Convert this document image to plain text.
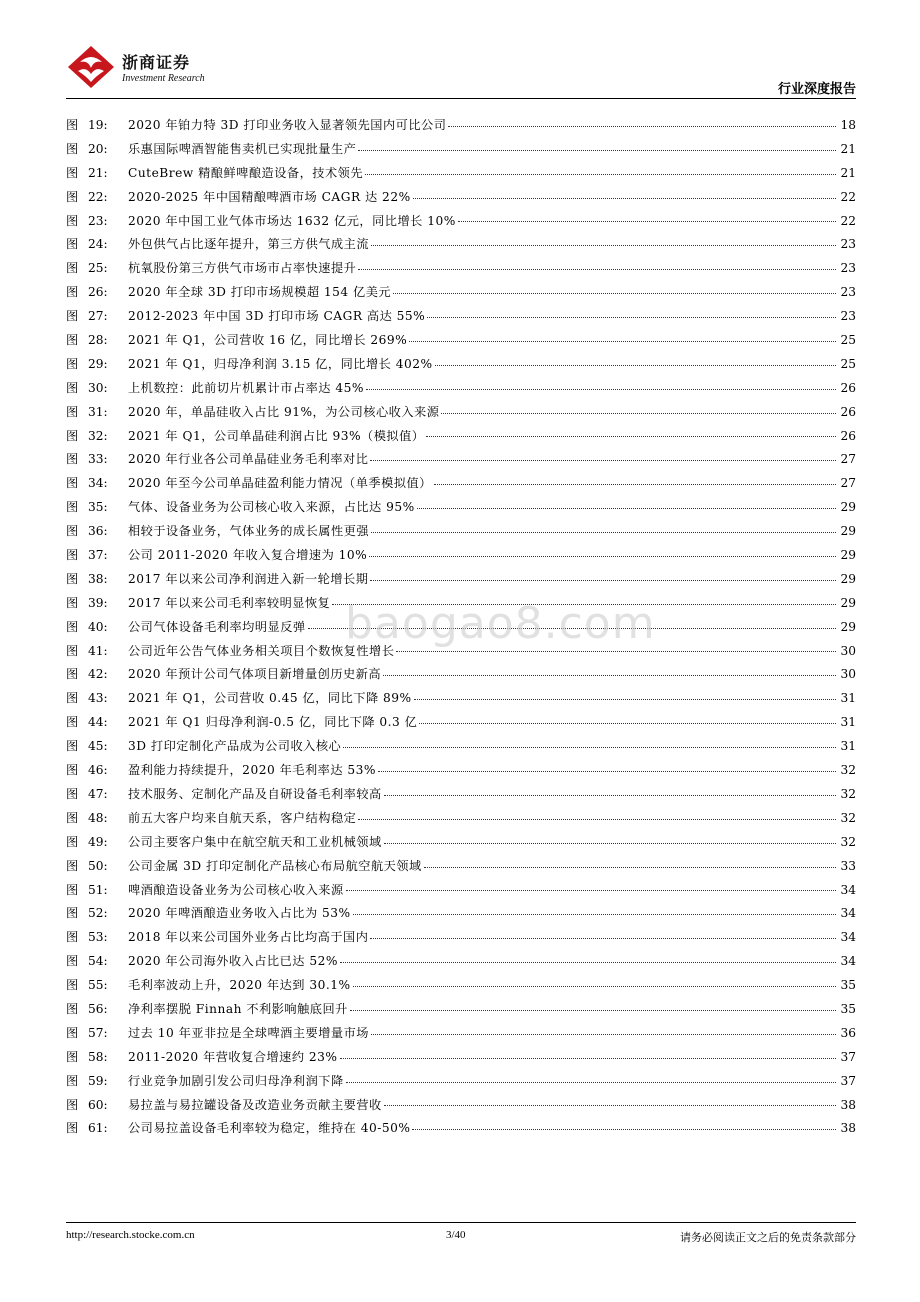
浙商证券
Investment Research
行业深度报告
图 19:	2020 年铂力特 3D 打印业务收入显著领先国内可比公司	18
图 20:	乐惠国际啤酒智能售卖机已实现批量生产	21
图 21:	CuteBrew 精酿鲜啤酿造设备，技术领先	21
图 22:	2020-2025 年中国精酿啤酒市场 CAGR 达 22%	22
图 23:	2020 年中国工业气体市场达 1632 亿元，同比增长 10%	22
图 24:	外包供气占比逐年提升，第三方供气成主流	23
图 25:	杭氧股份第三方供气市场市占率快速提升	23
图 26:	2020 年全球 3D 打印市场规模超 154 亿美元	23
图 27:	2012-2023 年中国 3D 打印市场 CAGR 高达 55%	23
图 28:	2021 年 Q1，公司营收 16 亿，同比增长 269%	25
图 29:	2021 年 Q1，归母净利润 3.15 亿，同比增长 402%	25
图 30:	上机数控：此前切片机累计市占率达 45%	26
图 31:	2020 年，单晶硅收入占比 91%，为公司核心收入来源	26
图 32:	2021 年 Q1，公司单晶硅利润占比 93%（模拟值）	26
图 33:	2020 年行业各公司单晶硅业务毛利率对比	27
图 34:	2020 年至今公司单晶硅盈利能力情况（单季模拟值）	27
图 35:	气体、设备业务为公司核心收入来源，占比达 95%	29
图 36:	相较于设备业务，气体业务的成长属性更强	29
图 37:	公司 2011-2020 年收入复合增速为 10%	29
图 38:	2017 年以来公司净利润进入新一轮增长期	29
图 39:	2017 年以来公司毛利率较明显恢复	29
图 40:	公司气体设备毛利率均明显反弹	29
图 41:	公司近年公告气体业务相关项目个数恢复性增长	30
图 42:	2020 年预计公司气体项目新增量创历史新高	30
图 43:	2021 年 Q1，公司营收 0.45 亿，同比下降 89%	31
图 44:	2021 年 Q1 归母净利润-0.5 亿，同比下降 0.3 亿	31
图 45:	3D 打印定制化产品成为公司收入核心	31
图 46:	盈利能力持续提升，2020 年毛利率达 53%	32
图 47:	技术服务、定制化产品及自研设备毛利率较高	32
图 48:	前五大客户均来自航天系，客户结构稳定	32
图 49:	公司主要客户集中在航空航天和工业机械领域	32
图 50:	公司金属 3D 打印定制化产品核心布局航空航天领域	33
图 51:	啤酒酿造设备业务为公司核心收入来源	34
图 52:	2020 年啤酒酿造业务收入占比为 53%	34
图 53:	2018 年以来公司国外业务占比均高于国内	34
图 54:	2020 年公司海外收入占比已达 52%	34
图 55:	毛利率波动上升，2020 年达到 30.1%	35
图 56:	净利率摆脱 Finnah 不利影响触底回升	35
图 57:	过去 10 年亚非拉是全球啤酒主要增量市场	36
图 58:	2011-2020 年营收复合增速约 23%	37
图 59:	行业竞争加剧引发公司归母净利润下降	37
图 60:	易拉盖与易拉罐设备及改造业务贡献主要营收	38
图 61:	公司易拉盖设备毛利率较为稳定，维持在 40-50%	38
baogao8.com
http://research.stocke.com.cn	3/40	请务必阅读正文之后的免责条款部分
